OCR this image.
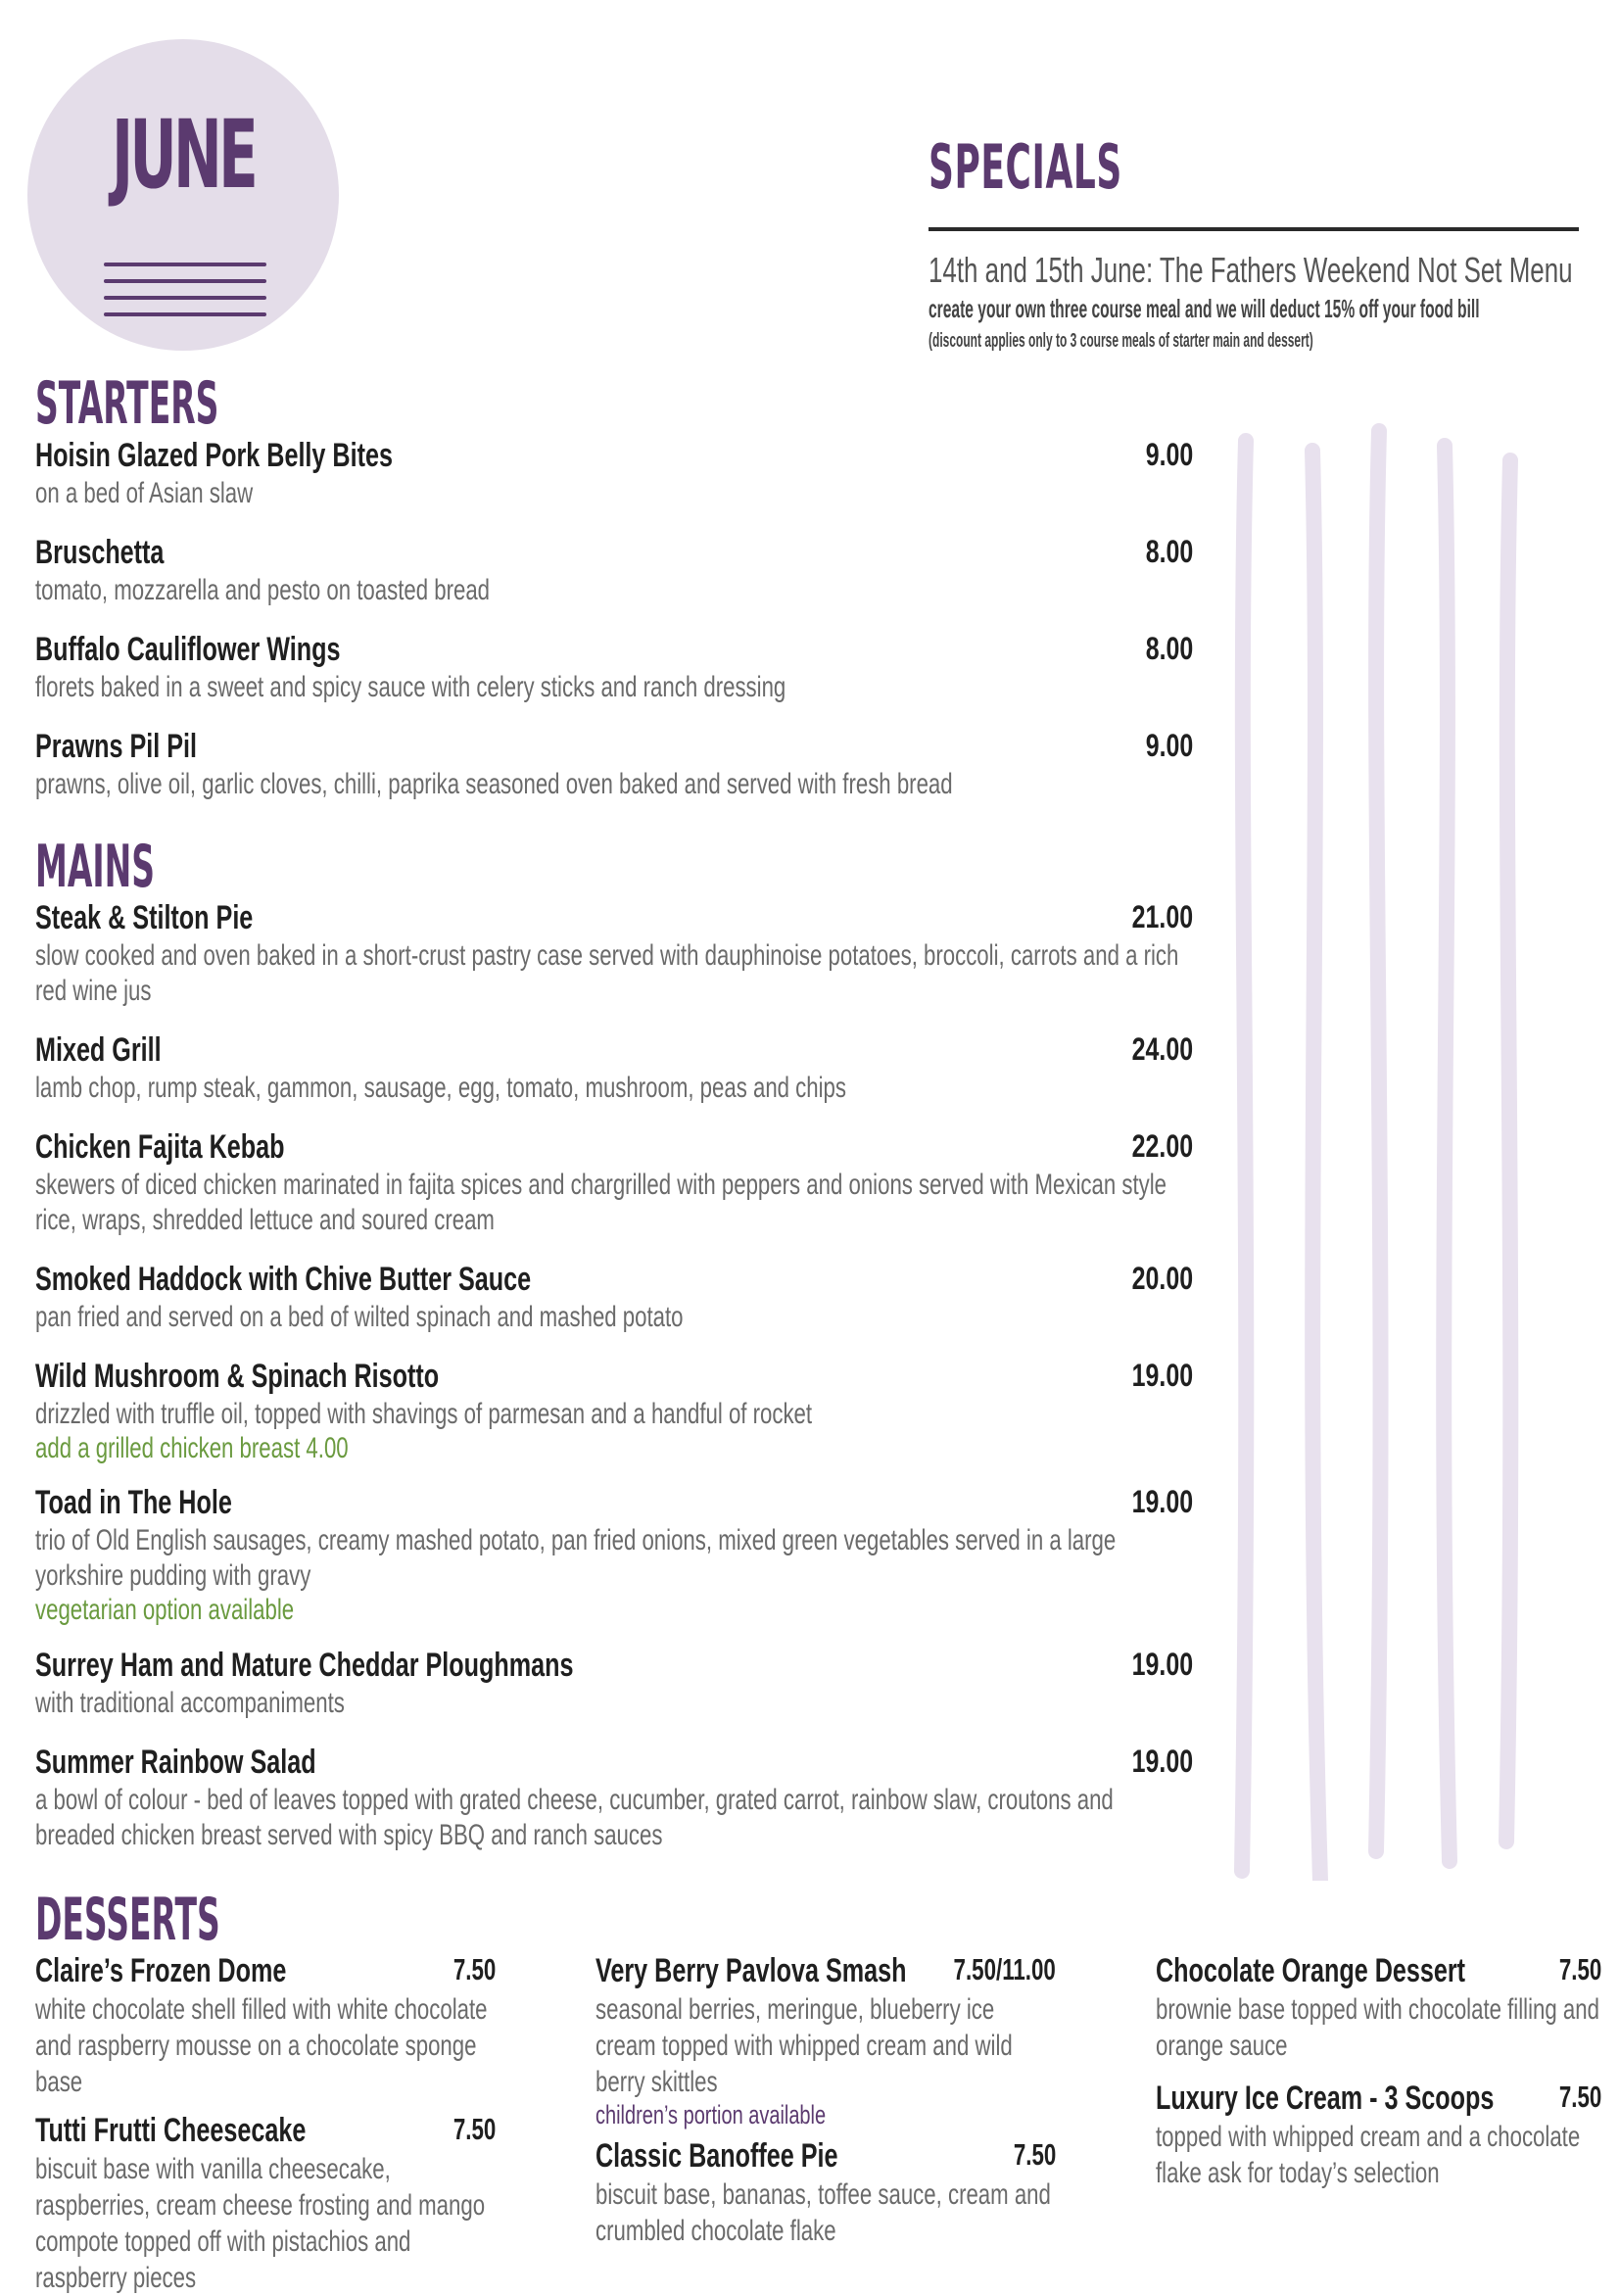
JUNE	SPECIALS
14th and 15th June: The Fathers Weekend Not Set Menu
create your own three course meal and we will deduct 15% off your food bill
(discount applies only to 3 course meals of starter main and dessert)
STARTERS
Hoisin Glazed Pork Belly Bites	9.00
on a bed of Asian slaw
Bruschetta	8.00
tomato, mozzarella and pesto on toasted bread
Buffalo Cauliflower Wings	8.00
florets baked in a sweet and spicy sauce with celery sticks and ranch dressing
Prawns Pil Pil	9.00
prawns, olive oil, garlic cloves, chilli, paprika seasoned oven baked and served with fresh bread
MAINS
Steak & Stilton Pie	21.00
slow cooked and oven baked in a short-crust pastry case served with dauphinoise potatoes, broccoli, carrots and a rich red wine jus
Mixed Grill	24.00
lamb chop, rump steak, gammon, sausage, egg, tomato, mushroom, peas and chips
Chicken Fajita Kebab	22.00
skewers of diced chicken marinated in fajita spices and chargrilled with peppers and onions served with Mexican style rice, wraps, shredded lettuce and soured cream
Smoked Haddock with Chive Butter Sauce	20.00
pan fried and served on a bed of wilted spinach and mashed potato
Wild Mushroom & Spinach Risotto	19.00
drizzled with truffle oil, topped with shavings of parmesan and a handful of rocket
add a grilled chicken breast 4.00
Toad in The Hole	19.00
trio of Old English sausages, creamy mashed potato, pan fried onions, mixed green vegetables served in a large yorkshire pudding with gravy
vegetarian option available
Surrey Ham and Mature Cheddar Ploughmans	19.00
with traditional accompaniments
Summer Rainbow Salad	19.00
a bowl of colour - bed of leaves topped with grated cheese, cucumber, grated carrot, rainbow slaw, croutons and breaded chicken breast served with spicy BBQ and ranch sauces
DESSERTS
Claire’s Frozen Dome	7.50
white chocolate shell filled with white chocolate and raspberry mousse on a chocolate sponge base
Tutti Frutti Cheesecake	7.50
biscuit base with vanilla cheesecake, raspberries, cream cheese frosting and mango compote topped off with pistachios and raspberry pieces
Very Berry Pavlova Smash 7.50/11.00
seasonal berries, meringue, blueberry ice cream topped with whipped cream and wild berry skittles
children’s portion available
Classic Banoffee Pie	7.50
biscuit base, bananas, toffee sauce, cream and crumbled chocolate flake
Chocolate Orange Dessert	7.50
brownie base topped with chocolate filling and orange sauce
Luxury Ice Cream - 3 Scoops 7.50
topped with whipped cream and a chocolate flake ask for today’s selection
